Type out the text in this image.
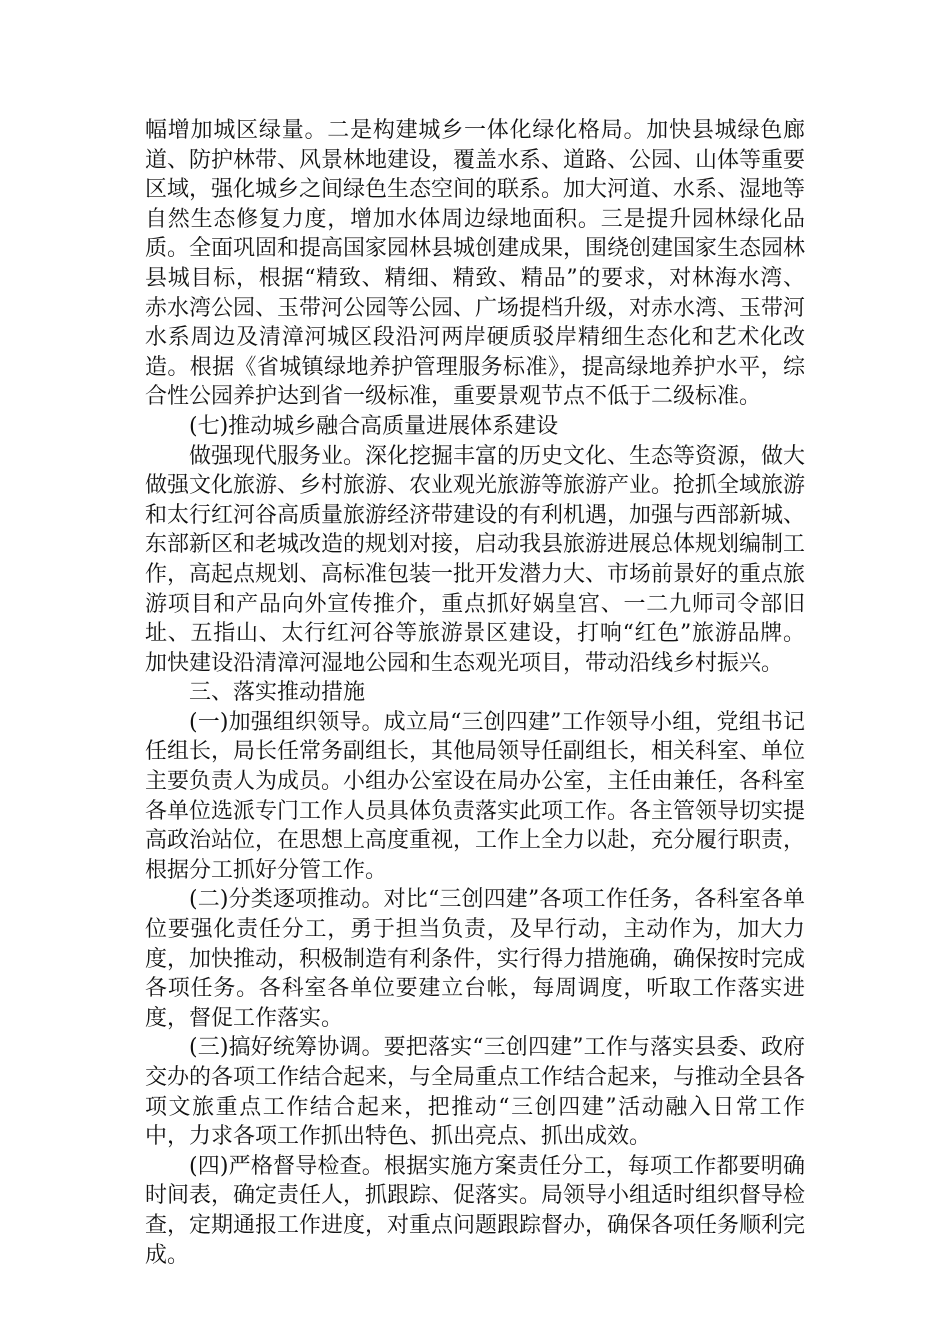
幅增加城区绿量。二是构建城乡一体化绿化格局。加快县城绿色廊道、防护林带、风景林地建设，覆盖水系、道路、公园、山体等重要区域，强化城乡之间绿色生态空间的联系。加大河道、水系、湿地等自然生态修复力度，增加水体周边绿地面积。三是提升园林绿化品质。全面巩固和提高国家园林县城创建成果，围绕创建国家生态园林县城目标，根据“精致、精细、精致、精品”的要求，对林海水湾、赤水湾公园、玉带河公园等公园、广场提档升级，对赤水湾、玉带河水系周边及清漳河城区段沿河两岸硬质驳岸精细生态化和艺术化改造。根据《省城镇绿地养护管理服务标准》，提高绿地养护水平，综合性公园养护达到省一级标准，重要景观节点不低于二级标准。

(七)推动城乡融合高质量进展体系建设

做强现代服务业。深化挖掘丰富的历史文化、生态等资源，做大做强文化旅游、乡村旅游、农业观光旅游等旅游产业。抢抓全域旅游和太行红河谷高质量旅游经济带建设的有利机遇，加强与西部新城、东部新区和老城改造的规划对接，启动我县旅游进展总体规划编制工作，高起点规划、高标准包装一批开发潜力大、市场前景好的重点旅游项目和产品向外宣传推介，重点抓好娲皇宫、一二九师司令部旧址、五指山、太行红河谷等旅游景区建设，打响“红色”旅游品牌。加快建设沿清漳河湿地公园和生态观光项目，带动沿线乡村振兴。

三、落实推动措施

(一)加强组织领导。成立局“三创四建”工作领导小组，党组书记任组长，局长任常务副组长，其他局领导任副组长，相关科室、单位主要负责人为成员。小组办公室设在局办公室，主任由兼任，各科室各单位选派专门工作人员具体负责落实此项工作。各主管领导切实提高政治站位，在思想上高度重视，工作上全力以赴，充分履行职责，根据分工抓好分管工作。

(二)分类逐项推动。对比“三创四建”各项工作任务，各科室各单位要强化责任分工，勇于担当负责，及早行动，主动作为，加大力度，加快推动，积极制造有利条件，实行得力措施确，确保按时完成各项任务。各科室各单位要建立台帐，每周调度，听取工作落实进度，督促工作落实。

(三)搞好统筹协调。要把落实“三创四建”工作与落实县委、政府交办的各项工作结合起来，与全局重点工作结合起来，与推动全县各项文旅重点工作结合起来，把推动“三创四建”活动融入日常工作中，力求各项工作抓出特色、抓出亮点、抓出成效。

(四)严格督导检查。根据实施方案责任分工，每项工作都要明确时间表，确定责任人，抓跟踪、促落实。局领导小组适时组织督导检查，定期通报工作进度，对重点问题跟踪督办，确保各项任务顺利完成。
